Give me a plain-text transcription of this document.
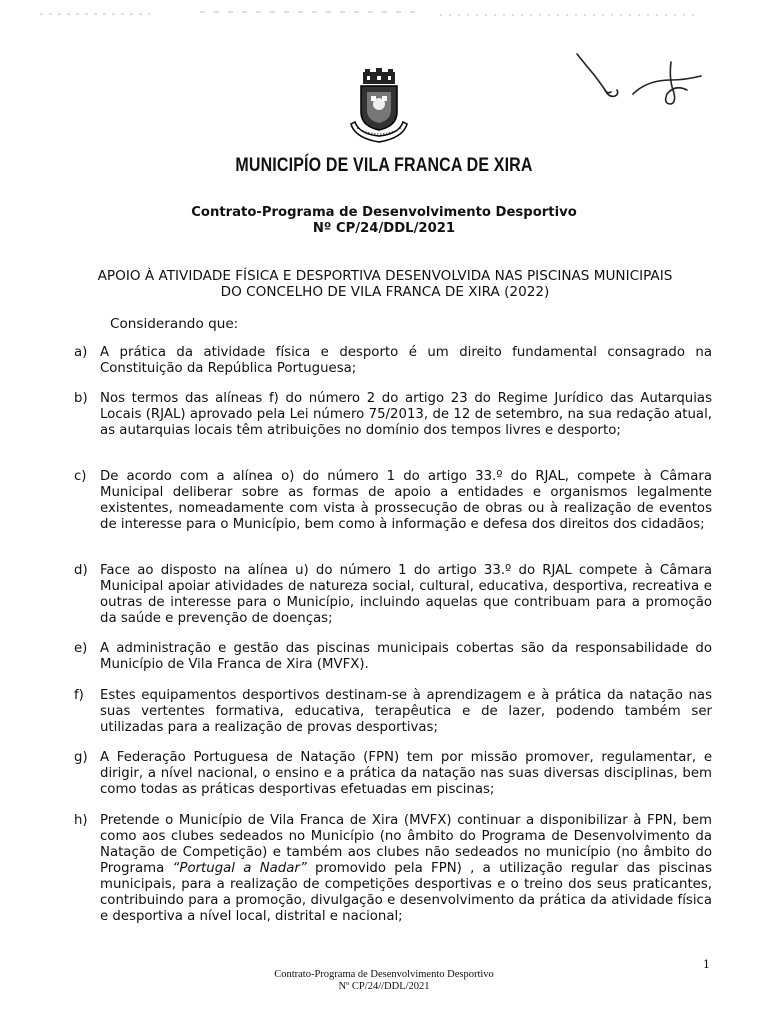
MUNICIPÍO DE VILA FRANCA DE XIRA
Contrato-Programa de Desenvolvimento Desportivo
Nº CP/24/DDL/2021
APOIO À ATIVIDADE FÍSICA E DESPORTIVA DESENVOLVIDA NAS PISCINAS MUNICIPAIS
DO CONCELHO DE VILA FRANCA DE XIRA (2022)
Considerando que:
a) A prática da atividade física e desporto é um direito fundamental consagrado na Constituição da República Portuguesa;
b) Nos termos das alíneas f) do número 2 do artigo 23 do Regime Jurídico das Autarquias Locais (RJAL) aprovado pela Lei número 75/2013, de 12 de setembro, na sua redação atual, as autarquias locais têm atribuições no domínio dos tempos livres e desporto;
c) De acordo com a alínea o) do número 1 do artigo 33.º do RJAL, compete à Câmara Municipal deliberar sobre as formas de apoio a entidades e organismos legalmente existentes, nomeadamente com vista à prossecução de obras ou à realização de eventos de interesse para o Município, bem como à informação e defesa dos direitos dos cidadãos;
d) Face ao disposto na alínea u) do número 1 do artigo 33.º do RJAL compete à Câmara Municipal apoiar atividades de natureza social, cultural, educativa, desportiva, recreativa e outras de interesse para o Município, incluindo aquelas que contribuam para a promoção da saúde e prevenção de doenças;
e) A administração e gestão das piscinas municipais cobertas são da responsabilidade do Município de Vila Franca de Xira (MVFX).
f) Estes equipamentos desportivos destinam-se à aprendizagem e à prática da natação nas suas vertentes formativa, educativa, terapêutica e de lazer, podendo também ser utilizadas para a realização de provas desportivas;
g) A Federação Portuguesa de Natação (FPN) tem por missão promover, regulamentar, e dirigir, a nível nacional, o ensino e a prática da natação nas suas diversas disciplinas, bem como todas as práticas desportivas efetuadas em piscinas;
h) Pretende o Município de Vila Franca de Xira (MVFX) continuar a disponibilizar à FPN, bem como aos clubes sedeados no Município (no âmbito do Programa de Desenvolvimento da Natação de Competição) e também aos clubes não sedeados no município (no âmbito do Programa “Portugal a Nadar” promovido pela FPN) , a utilização regular das piscinas municipais, para a realização de competições desportivas e o treino dos seus praticantes, contribuindo para a promoção, divulgação e desenvolvimento da prática da atividade física e desportiva a nível local, distrital e nacional;
1
Contrato-Programa de Desenvolvimento Desportivo
Nº CP/24//DDL/2021
